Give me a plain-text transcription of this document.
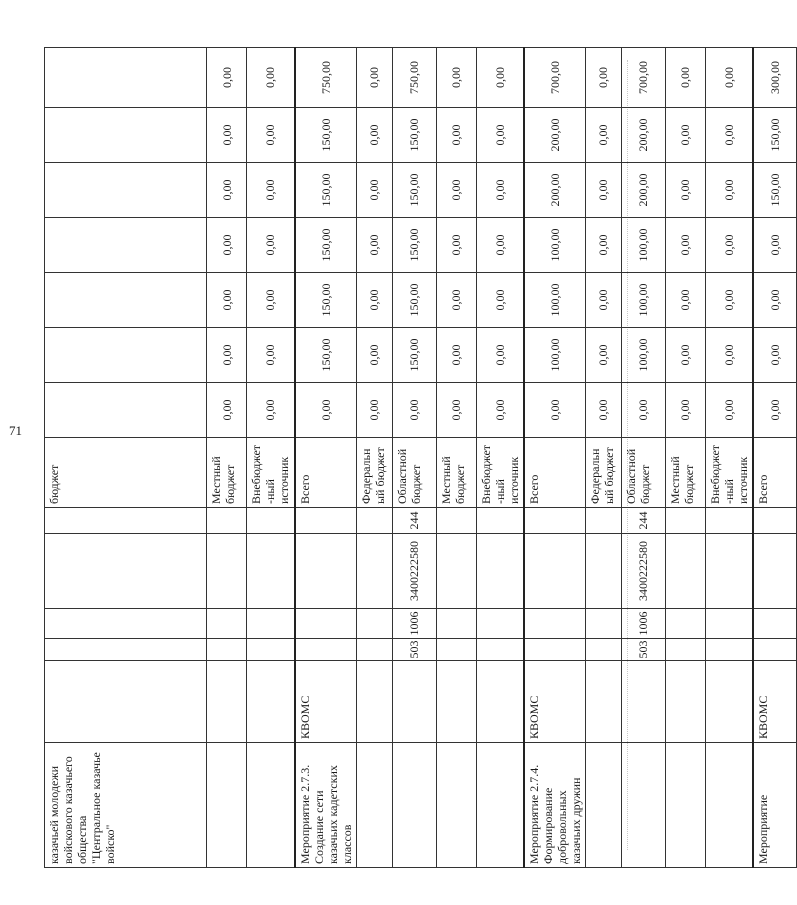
71
казачьей молодежи войскового казачьего общества "Центральное казачье войско"						бюджет							
						Местный бюджет	0,00	0,00	0,00	0,00	0,00	0,00	0,00
						Внебюджет-ный источник	0,00	0,00	0,00	0,00	0,00	0,00	0,00
Мероприятие 2.7.3. Создание сети казачьих кадетских классов	КВОМС					Всего	0,00	150,00	150,00	150,00	150,00	150,00	750,00
						Федеральный бюджет	0,00	0,00	0,00	0,00	0,00	0,00	0,00
		503	1006	3400222580	244	Областной бюджет	0,00	150,00	150,00	150,00	150,00	150,00	750,00
						Местный бюджет	0,00	0,00	0,00	0,00	0,00	0,00	0,00
						Внебюджет-ный источник	0,00	0,00	0,00	0,00	0,00	0,00	0,00
Мероприятие 2.7.4. Формирование добровольных казачьих дружин	КВОМС					Всего	0,00	100,00	100,00	100,00	200,00	200,00	700,00
						Федеральный бюджет	0,00	0,00	0,00	0,00	0,00	0,00	0,00
		503	1006	3400222580	244	Областной бюджет	0,00	100,00	100,00	100,00	200,00	200,00	700,00
						Местный бюджет	0,00	0,00	0,00	0,00	0,00	0,00	0,00
						Внебюджет-ный источник	0,00	0,00	0,00	0,00	0,00	0,00	0,00
Мероприятие	КВОМС					Всего	0,00	0,00	0,00	0,00	150,00	150,00	300,00
